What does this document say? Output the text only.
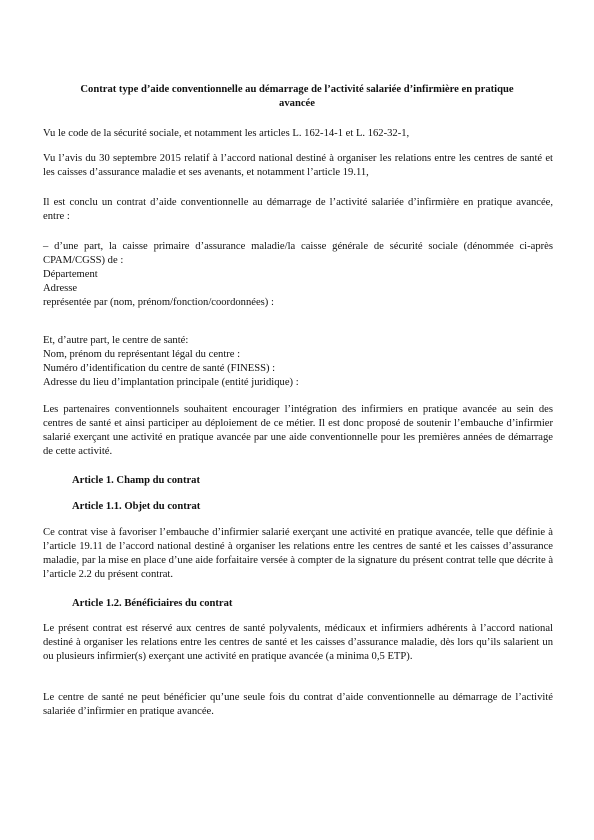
Contrat type d’aide conventionnelle au démarrage de l’activité salariée d’infirmière en pratique avancée

Vu le code de la sécurité sociale, et notamment les articles L. 162-14-1 et L. 162-32-1,

Vu l’avis du 30 septembre 2015 relatif à l’accord national destiné à organiser les relations entre les centres de santé et les caisses d’assurance maladie et ses avenants, et notamment l’article 19.11,

Il est conclu un contrat d’aide conventionnelle au démarrage de l’activité salariée d’infirmière en pratique avancée, entre :

– d’une part, la caisse primaire d’assurance maladie/la caisse générale de sécurité sociale (dénommée ci-après CPAM/CGSS) de :
Département
Adresse
représentée par (nom, prénom/fonction/coordonnées) :
Et, d’autre part, le centre de santé:
Nom, prénom du représentant légal du centre :
Numéro d’identification du centre de santé (FINESS) :
Adresse du lieu d’implantation principale (entité juridique) :

Les partenaires conventionnels souhaitent encourager l’intégration des infirmiers en pratique avancée au sein des centres de santé et ainsi participer au déploiement de ce métier. Il est donc proposé de soutenir l’embauche d’infirmier salarié exerçant une activité en pratique avancée par une aide conventionnelle pour les premières années de démarrage de cette activité.

Article 1. Champ du contrat
Article 1.1. Objet du contrat

Ce contrat vise à favoriser l’embauche d’infirmier salarié exerçant une activité en pratique avancée, telle que définie à l’article 19.11 de l’accord national destiné à organiser les relations entre les centres de santé et les caisses d’assurance maladie, par la mise en place d’une aide forfaitaire versée à compter de la signature du présent contrat telle que décrite à l’article 2.2 du présent contrat.

Article 1.2. Bénéficiaires du contrat

Le présent contrat est réservé aux centres de santé polyvalents, médicaux et infirmiers adhérents à l’accord national destiné à organiser les relations entre les centres de santé et les caisses d’assurance maladie, dès lors qu’ils salarient un ou plusieurs infirmier(s) exerçant une activité en pratique avancée (a minima 0,5 ETP).

Le centre de santé ne peut bénéficier qu’une seule fois du contrat d’aide conventionnelle au démarrage de l’activité salariée d’infirmier en pratique avancée.
